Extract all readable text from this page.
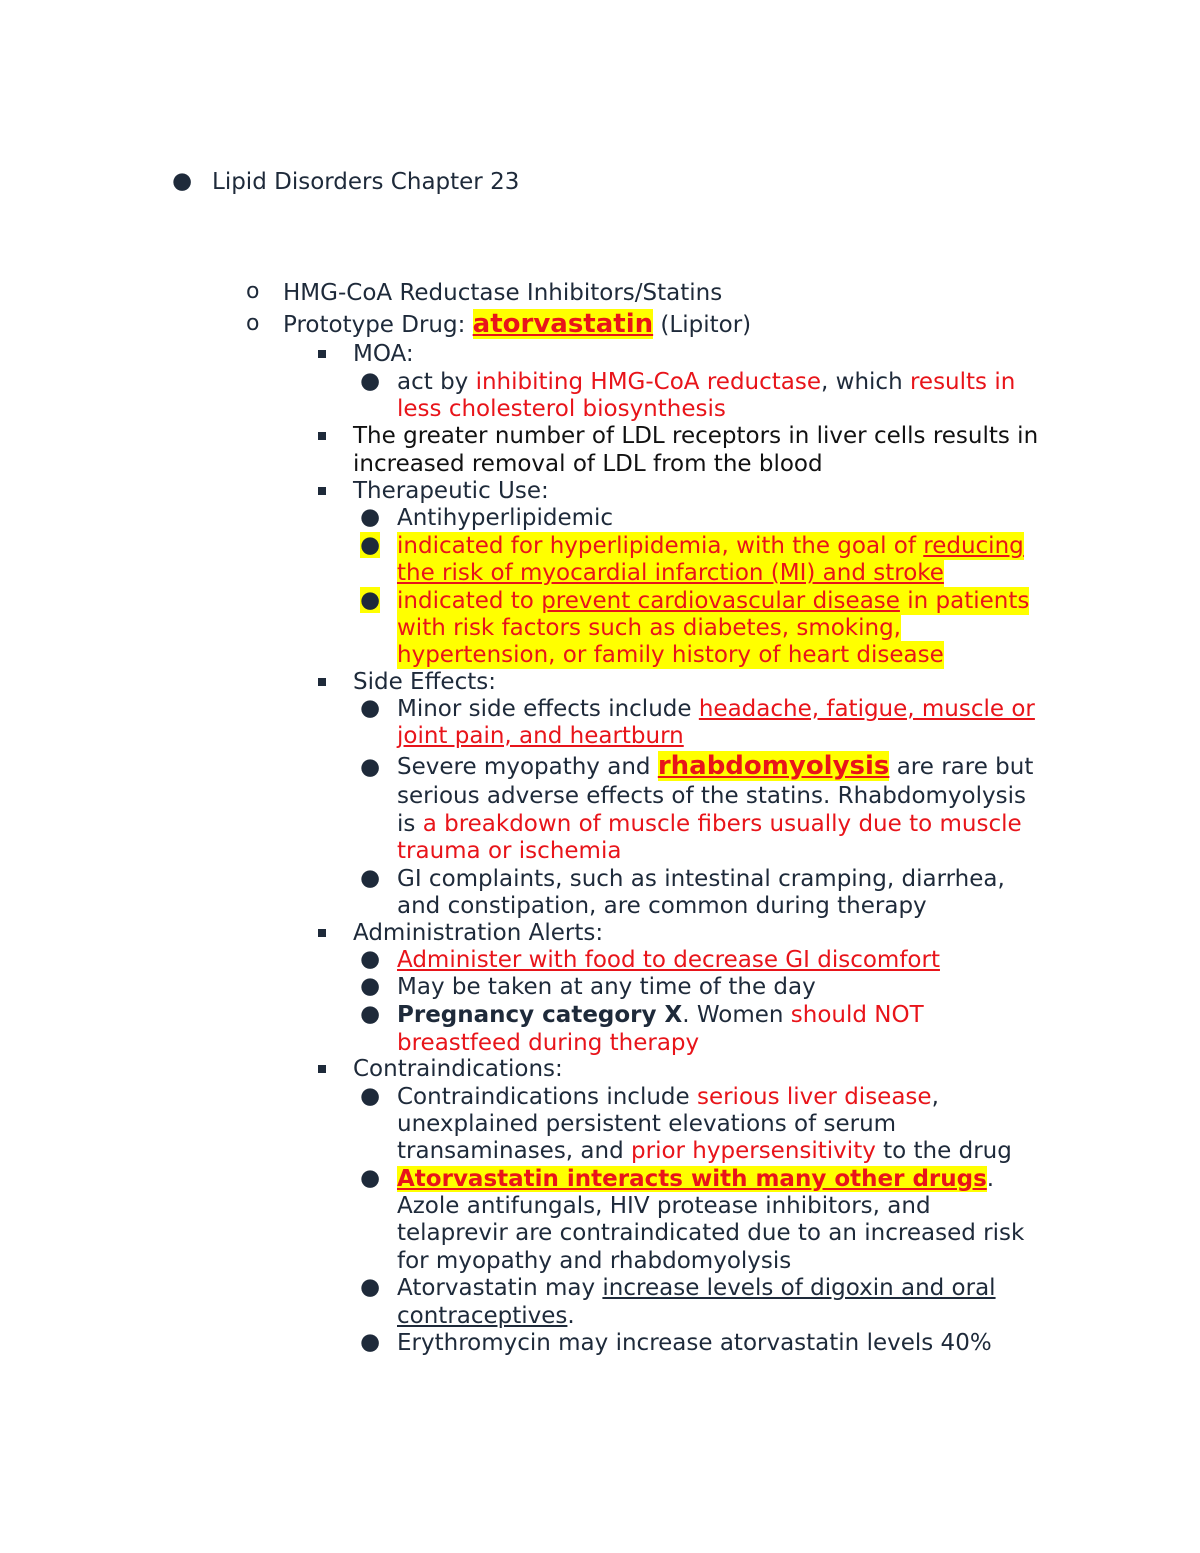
● Lipid Disorders Chapter 23
o HMG-CoA Reductase Inhibitors/Statins
o Prototype Drug: atorvastatin (Lipitor)
MOA:
● act by inhibiting HMG-CoA reductase, which results in
less cholesterol biosynthesis
The greater number of LDL receptors in liver cells results in
increased removal of LDL from the blood
Therapeutic Use:
● Antihyperlipidemic
● indicated for hyperlipidemia, with the goal of reducing
the risk of myocardial infarction (MI) and stroke
● indicated to prevent cardiovascular disease in patients
with risk factors such as diabetes, smoking,
hypertension, or family history of heart disease
Side Effects:
● Minor side effects include headache, fatigue, muscle or
joint pain, and heartburn
● Severe myopathy and rhabdomyolysis are rare but
serious adverse effects of the statins. Rhabdomyolysis
is a breakdown of muscle fibers usually due to muscle
trauma or ischemia
● GI complaints, such as intestinal cramping, diarrhea,
and constipation, are common during therapy
Administration Alerts:
● Administer with food to decrease GI discomfort
● May be taken at any time of the day
● Pregnancy category X. Women should NOT
breastfeed during therapy
Contraindications:
● Contraindications include serious liver disease,
unexplained persistent elevations of serum
transaminases, and prior hypersensitivity to the drug
● Atorvastatin interacts with many other drugs.
Azole antifungals, HIV protease inhibitors, and
telaprevir are contraindicated due to an increased risk
for myopathy and rhabdomyolysis
● Atorvastatin may increase levels of digoxin and oral
contraceptives.
● Erythromycin may increase atorvastatin levels 40%
